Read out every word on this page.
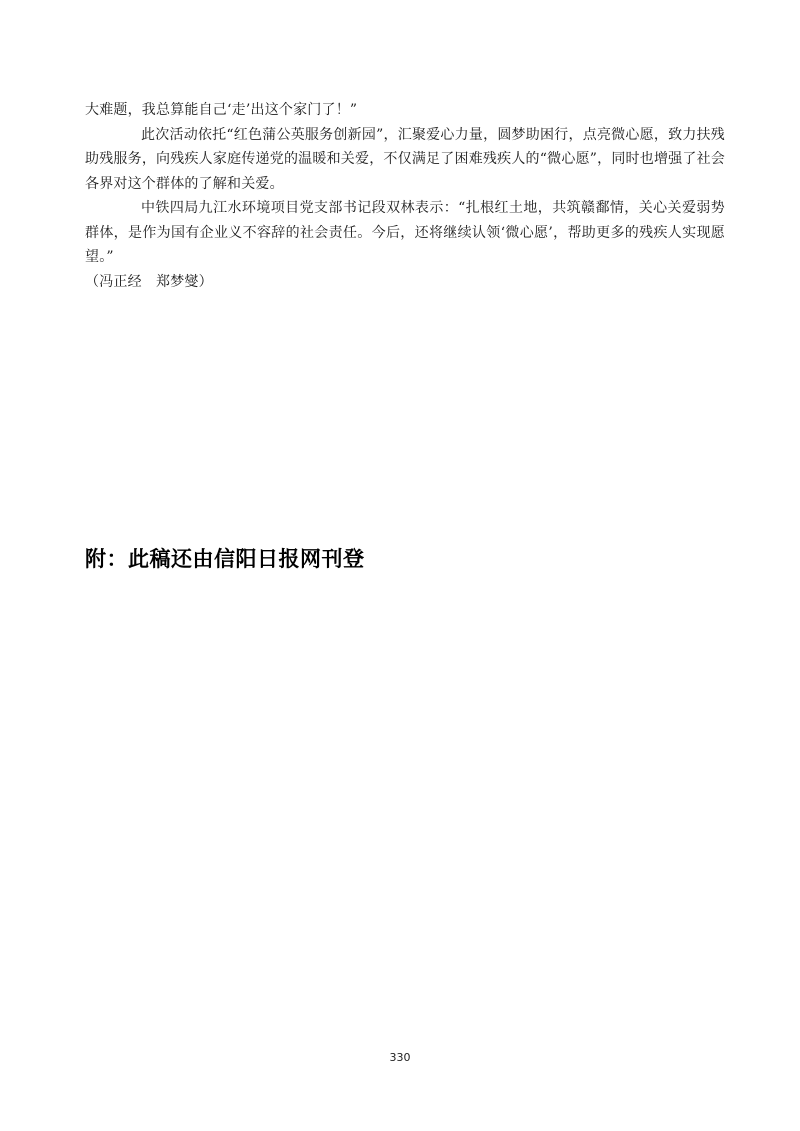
大难题，我总算能自己‘走’出这个家门了！”

此次活动依托“红色蒲公英服务创新园”，汇聚爱心力量，圆梦助困行，点亮微心愿，致力扶残助残服务，向残疾人家庭传递党的温暖和关爱，不仅满足了困难残疾人的“微心愿”，同时也增强了社会各界对这个群体的了解和关爱。

中铁四局九江水环境项目党支部书记段双林表示：“扎根红土地，共筑赣鄱情，关心关爱弱势群体，是作为国有企业义不容辞的社会责任。今后，还将继续认领‘微心愿’，帮助更多的残疾人实现愿望。”

（冯正经　郑梦燮）

附：此稿还由信阳日报网刊登
330
